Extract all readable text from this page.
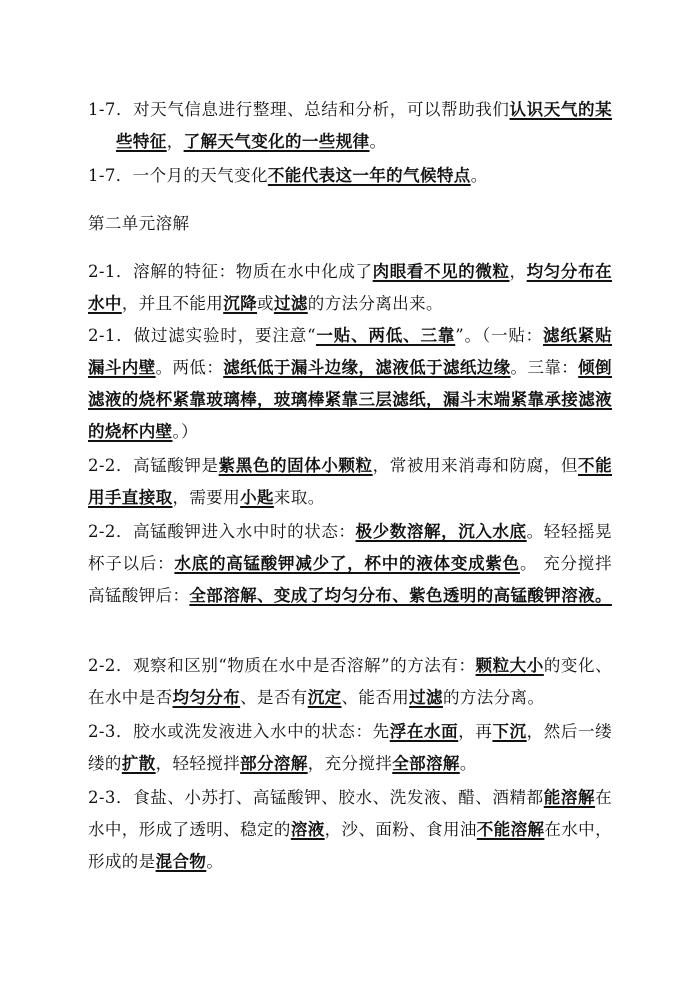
1-7．对天气信息进行整理、总结和分析，可以帮助我们认识天气的某些特征，了解天气变化的一些规律。
1-7．一个月的天气变化不能代表这一年的气候特点。
第二单元溶解
2-1．溶解的特征：物质在水中化成了肉眼看不见的微粒，均匀分布在水中，并且不能用沉降或过滤的方法分离出来。
2-1．做过滤实验时，要注意“一贴、两低、三靠”。（一贴：滤纸紧贴漏斗内壁。两低：滤纸低于漏斗边缘，滤液低于滤纸边缘。三靠：倾倒滤液的烧杯紧靠玻璃棒，玻璃棒紧靠三层滤纸，漏斗末端紧靠承接滤液的烧杯内壁。）
2-2．高锰酸钾是紫黑色的固体小颗粒，常被用来消毒和防腐，但不能用手直接取，需要用小匙来取。
2-2．高锰酸钾进入水中时的状态：极少数溶解，沉入水底。轻轻摇晃杯子以后：水底的高锰酸钾减少了，杯中的液体变成紫色。 充分搅拌高锰酸钾后：全部溶解、变成了均匀分布、紫色透明的高锰酸钾溶液。
2-2．观察和区别“物质在水中是否溶解”的方法有：颗粒大小的变化、在水中是否均匀分布、是否有沉定、能否用过滤的方法分离。
2-3．胶水或洗发液进入水中的状态：先浮在水面，再下沉，然后一缕缕的扩散，轻轻搅拌部分溶解，充分搅拌全部溶解。
2-3．食盐、小苏打、高锰酸钾、胶水、洗发液、醋、酒精都能溶解在水中，形成了透明、稳定的溶液，沙、面粉、食用油不能溶解在水中，形成的是混合物。
